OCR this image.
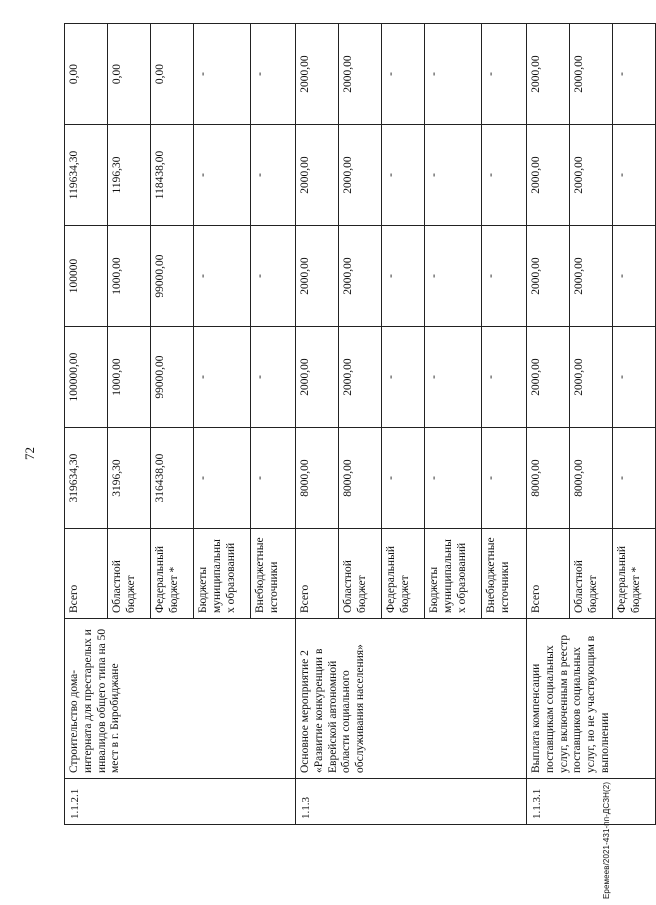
72
1.1.2.1	Строительство дома-интерната для престарелых и инвалидов общего типа на 50 мест в г. Биробиджане	Всего	319634,30	100000,00	100000	119634,30	0,00
		Областной бюджет	3196,30	1000,00	1000,00	1196,30	0,00
		Федеральный бюджет *	316438,00	99000,00	99000,00	118438,00	0,00
		Бюджеты муниципальных образований	-	-	-	-	-
		Внебюджетные источники	-	-	-	-	-
1.1.3	Основное мероприятие 2 «Развитие конкуренции в Еврейской автономной области социального обслуживания населения»	Всего	8000,00	2000,00	2000,00	2000,00	2000,00
		Областной бюджет	8000,00	2000,00	2000,00	2000,00	2000,00
		Федеральный бюджет	-	-	-	-	-
		Бюджеты муниципальных образований	-	-	-	-	-
		Внебюджетные источники	-	-	-	-	-
1.1.3.1	Выплата компенсации поставщикам социальных услуг, включенным в реестр поставщиков социальных услуг, но не участвующим в выполнении	Всего	8000,00	2000,00	2000,00	2000,00	2000,00
		Областной бюджет	8000,00	2000,00	2000,00	2000,00	2000,00
		Федеральный бюджет *	-	-	-	-	-
Еремеев/2021-431-пп-ДСЗН(2)
